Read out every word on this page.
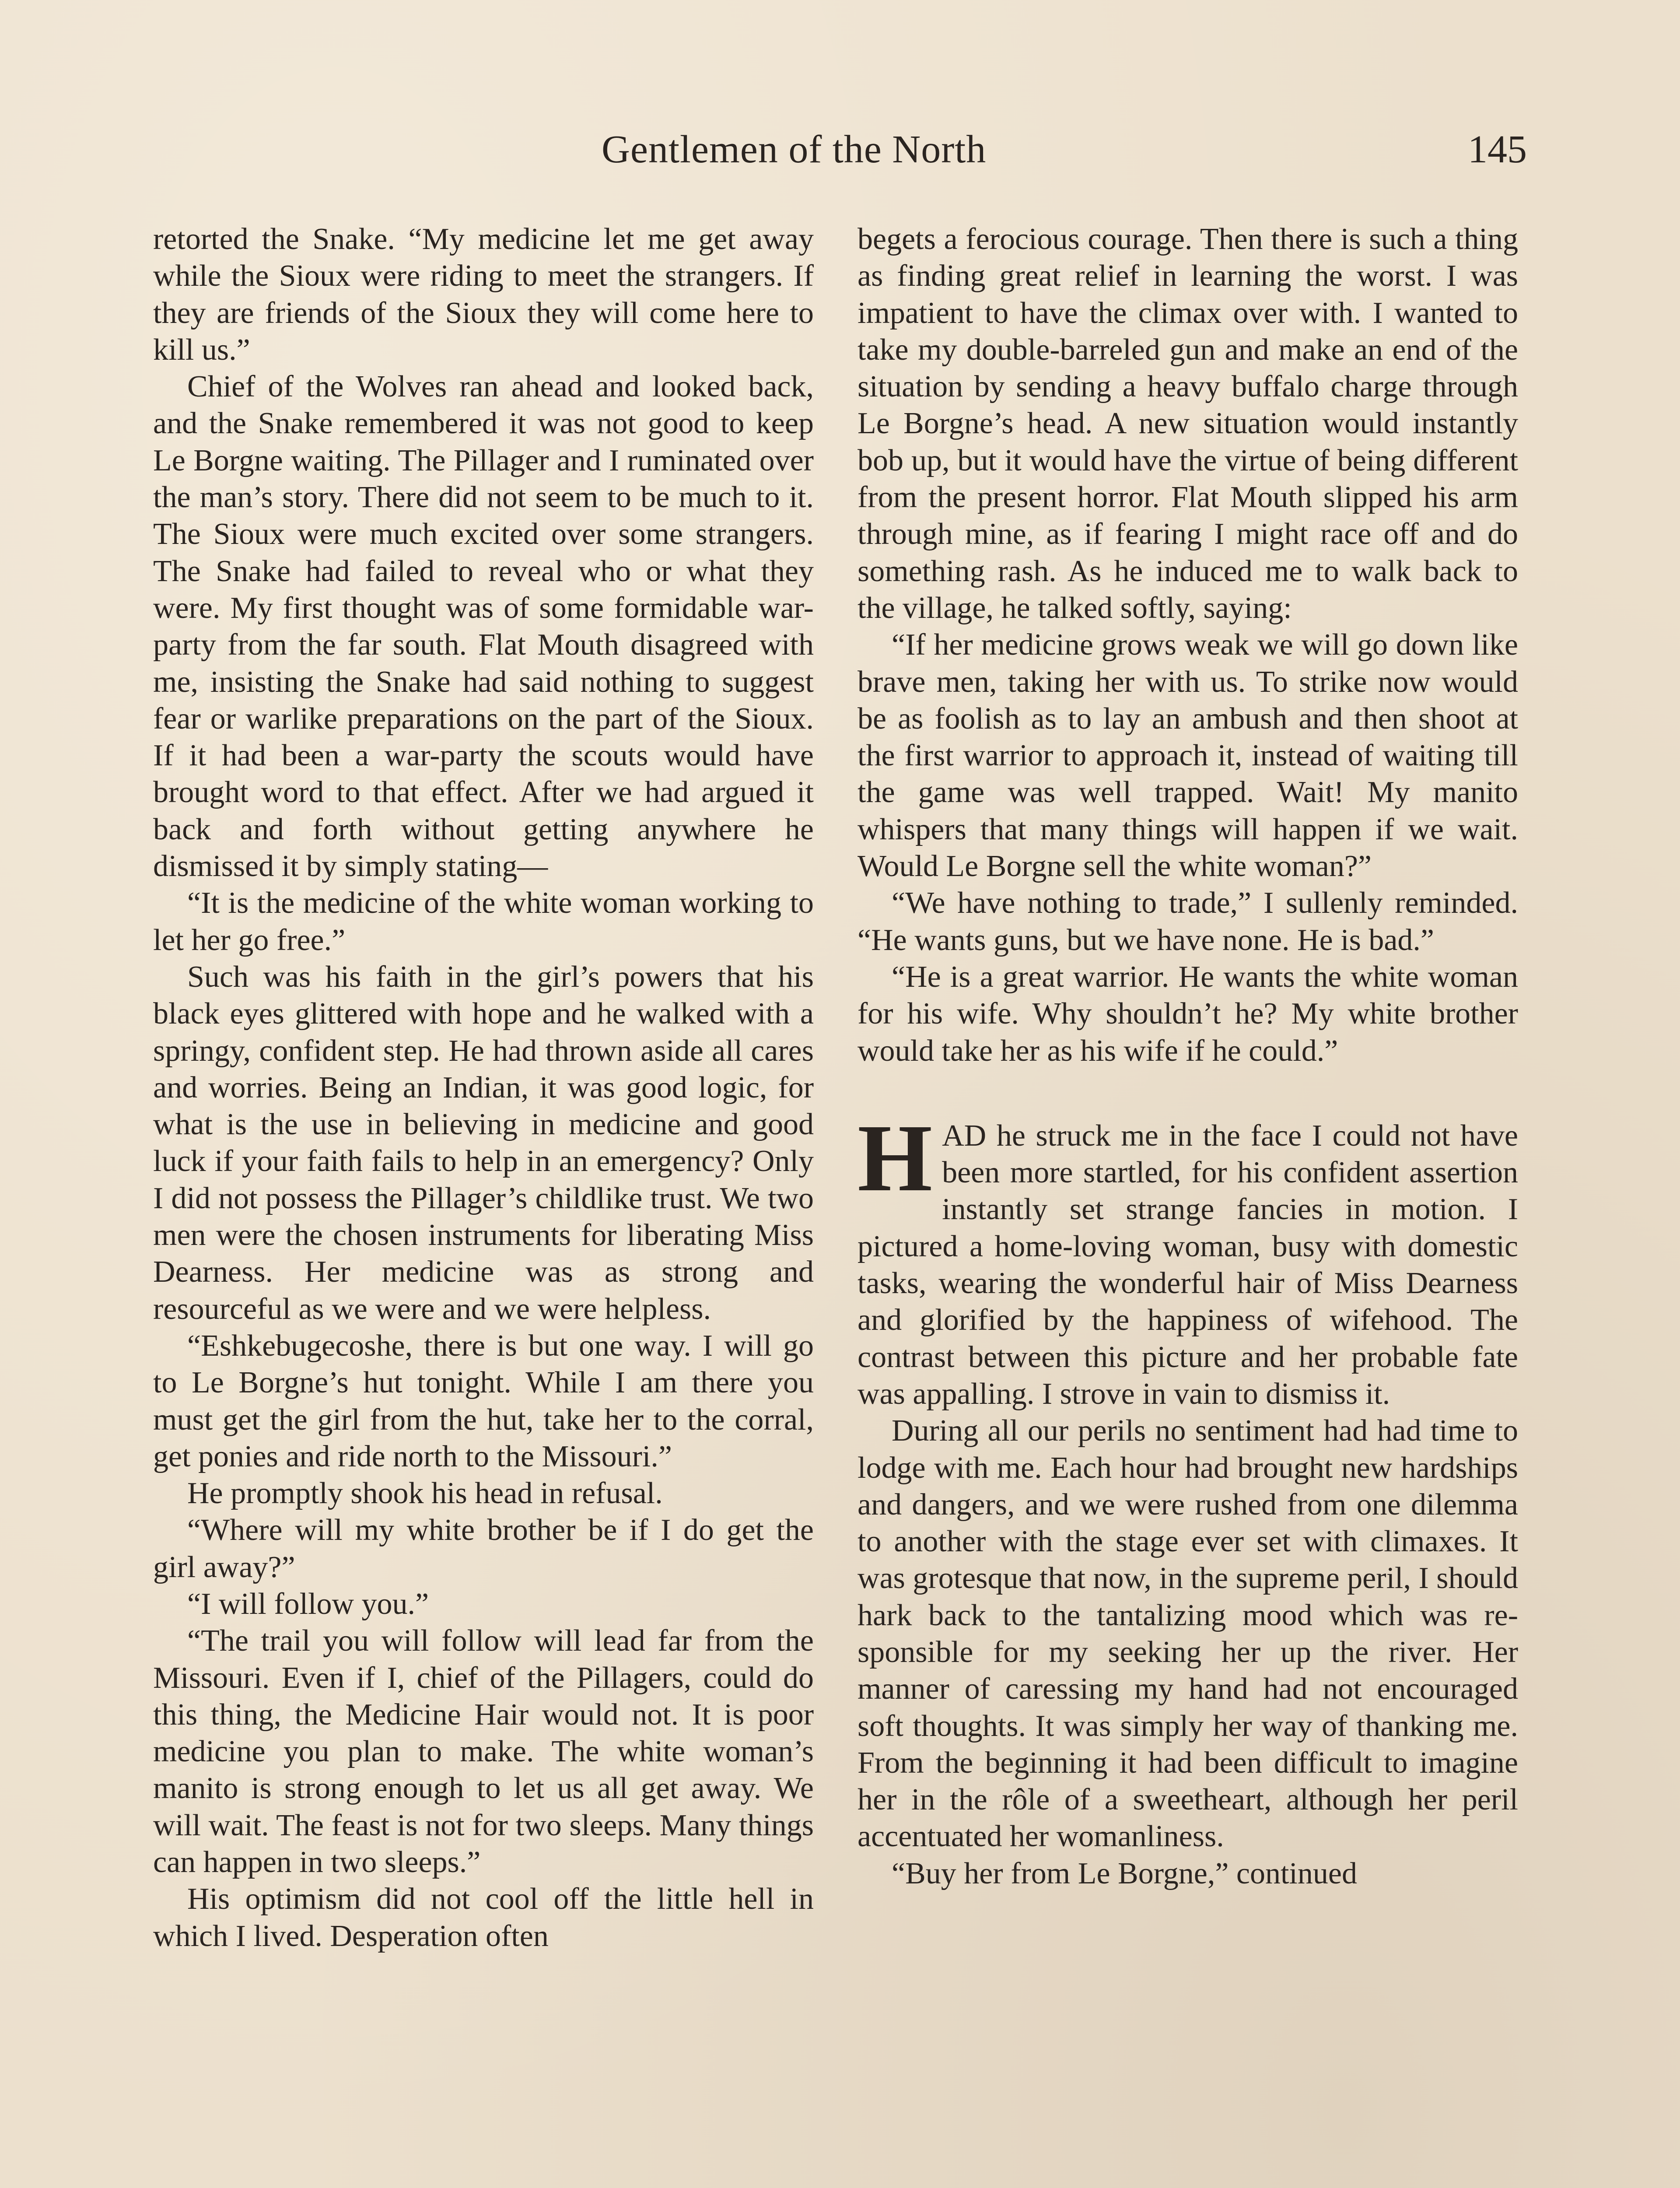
Gentlemen of the North	145

retorted the Snake. “My medicine let me get away while the Sioux were riding to meet the strangers. If they are friends of the Sioux they will come here to kill us.”

Chief of the Wolves ran ahead and looked back, and the Snake remembered it was not good to keep Le Borgne waiting. The Pillager and I ruminated over the man’s story. There did not seem to be much to it. The Sioux were much excited over some strangers. The Snake had failed to reveal who or what they were. My first thought was of some formidable war-party from the far south. Flat Mouth disagreed with me, insisting the Snake had said nothing to suggest fear or warlike preparations on the part of the Sioux. If it had been a war-party the scouts would have brought word to that effect. After we had argued it back and forth without getting anywhere he dismissed it by simply stating—

“It is the medicine of the white woman working to let her go free.”

Such was his faith in the girl’s powers that his black eyes glittered with hope and he walked with a springy, confident step. He had thrown aside all cares and worries. Being an Indian, it was good logic, for what is the use in believing in medicine and good luck if your faith fails to help in an emergency? Only I did not possess the Pillager’s childlike trust. We two men were the chosen instruments for liberating Miss Dearness. Her medicine was as strong and resourceful as we were and we were helpless.

“Eshkebugecoshe, there is but one way. I will go to Le Borgne’s hut tonight. While I am there you must get the girl from the hut, take her to the corral, get ponies and ride north to the Missouri.”

He promptly shook his head in refusal.

“Where will my white brother be if I do get the girl away?”

“I will follow you.”

“The trail you will follow will lead far from the Missouri. Even if I, chief of the Pillagers, could do this thing, the Medicine Hair would not. It is poor medicine you plan to make. The white woman’s manito is strong enough to let us all get away. We will wait. The feast is not for two sleeps. Many things can happen in two sleeps.”

His optimism did not cool off the little hell in which I lived. Desperation often

begets a ferocious courage. Then there is such a thing as finding great relief in learning the worst. I was impatient to have the climax over with. I wanted to take my double-barreled gun and make an end of the situation by sending a heavy buffalo charge through Le Borgne’s head. A new situation would instantly bob up, but it would have the virtue of being different from the present horror. Flat Mouth slipped his arm through mine, as if fearing I might race off and do something rash. As he induced me to walk back to the village, he talked softly, saying:

“If her medicine grows weak we will go down like brave men, taking her with us. To strike now would be as foolish as to lay an ambush and then shoot at the first warrior to approach it, instead of waiting till the game was well trapped. Wait! My manito whispers that many things will happen if we wait. Would Le Borgne sell the white woman?”

“We have nothing to trade,” I sullenly reminded. “He wants guns, but we have none. He is bad.”

“He is a great warrior. He wants the white woman for his wife. Why shouldn’t he? My white brother would take her as his wife if he could.”

HAD he struck me in the face I could not have been more startled, for his confident assertion instantly set strange fancies in motion. I pictured a home-loving woman, busy with domestic tasks, wearing the wonderful hair of Miss Dearness and glorified by the happiness of wifehood. The contrast between this picture and her probable fate was appalling. I strove in vain to dismiss it.

During all our perils no sentiment had had time to lodge with me. Each hour had brought new hardships and dangers, and we were rushed from one dilemma to another with the stage ever set with climaxes. It was grotesque that now, in the supreme peril, I should hark back to the tantalizing mood which was responsible for my seeking her up the river. Her manner of caressing my hand had not encouraged soft thoughts. It was simply her way of thanking me. From the beginning it had been difficult to imagine her in the rôle of a sweetheart, although her peril accentuated her womanliness.

“Buy her from Le Borgne,” continued
